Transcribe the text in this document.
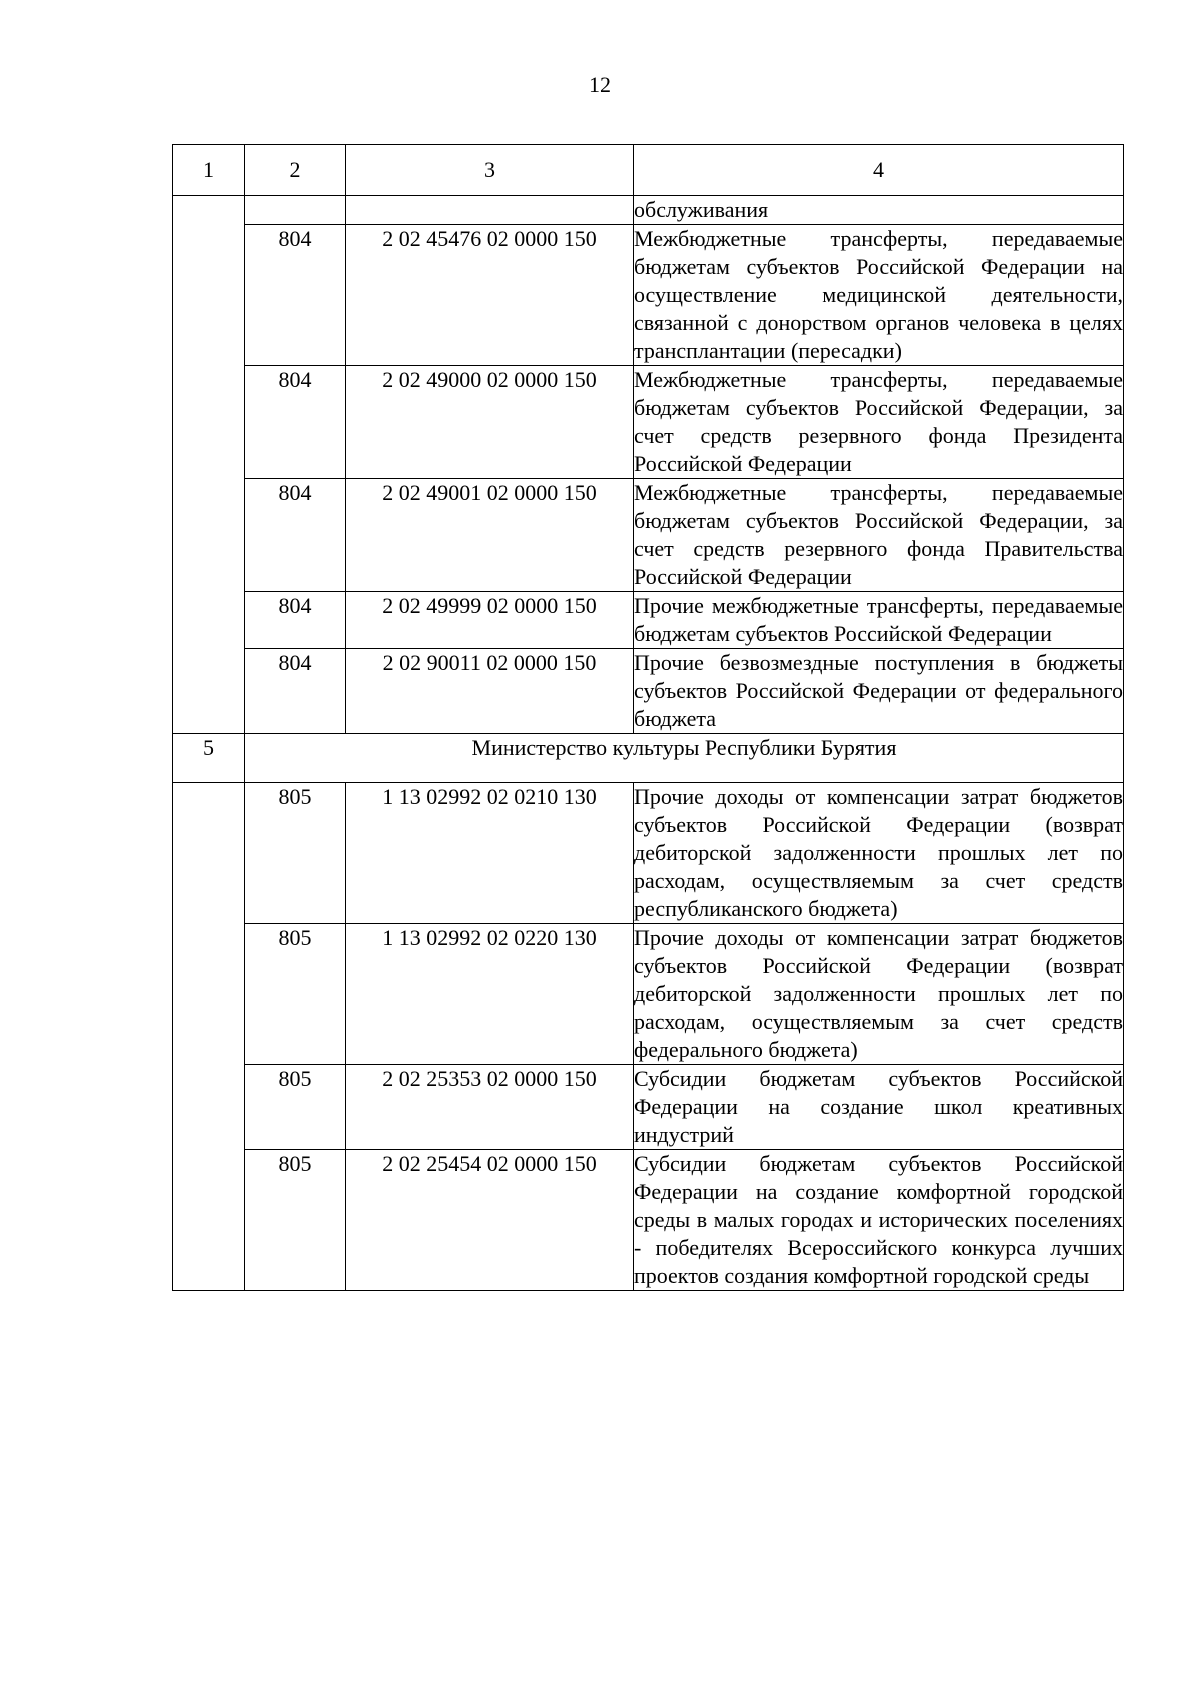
12
1	2	3	4
			обслуживания
	804	2 02 45476 02 0000 150	Межбюджетные трансферты, передаваемые бюджетам субъектов Российской Федерации на осуществление медицинской деятельности, связанной с донорством органов человека в целях трансплантации (пересадки)
	804	2 02 49000 02 0000 150	Межбюджетные трансферты, передаваемые бюджетам субъектов Российской Федерации, за счет средств резервного фонда Президента Российской Федерации
	804	2 02 49001 02 0000 150	Межбюджетные трансферты, передаваемые бюджетам субъектов Российской Федерации, за счет средств резервного фонда Правительства Российской Федерации
	804	2 02 49999 02 0000 150	Прочие межбюджетные трансферты, передаваемые бюджетам субъектов Российской Федерации
	804	2 02 90011 02 0000 150	Прочие безвозмездные поступления в бюджеты субъектов Российской Федерации от федерального бюджета
5	Министерство культуры Республики Бурятия		
	805	1 13 02992 02 0210 130	Прочие доходы от компенсации затрат бюджетов субъектов Российской Федерации (возврат дебиторской задолженности прошлых лет по расходам, осуществляемым за счет средств республиканского бюджета)
	805	1 13 02992 02 0220 130	Прочие доходы от компенсации затрат бюджетов субъектов Российской Федерации (возврат дебиторской задолженности прошлых лет по расходам, осуществляемым за счет средств федерального бюджета)
	805	2 02 25353 02 0000 150	Субсидии бюджетам субъектов Российской Федерации на создание школ креативных индустрий
	805	2 02 25454 02 0000 150	Субсидии бюджетам субъектов Российской Федерации на создание комфортной городской среды в малых городах и исторических поселениях - победителях Всероссийского конкурса лучших проектов создания комфортной городской среды
